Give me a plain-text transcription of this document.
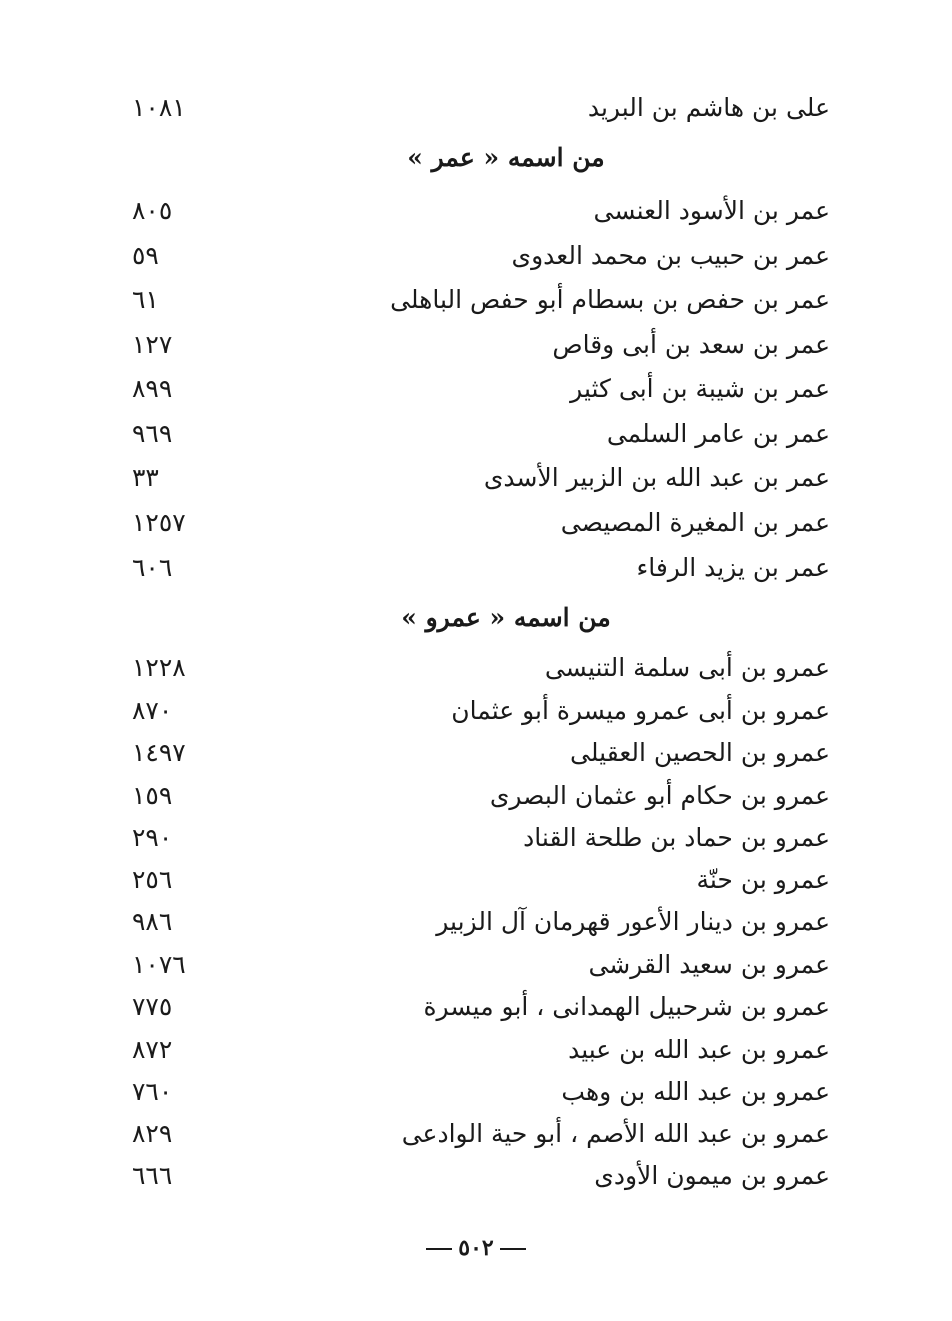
على بن هاشم بن البريد
١٠٨١
من اسمه « عمر »
عمر بن الأسود العنسى
٨٠٥
عمر بن حبيب بن محمد العدوى
٥٩
عمر بن حفص بن بسطام أبو حفص الباهلى
٦١
عمر بن سعد بن أبى وقاص
١٢٧
عمر بن شيبة بن أبى كثير
٨٩٩
عمر بن عامر السلمى
٩٦٩
عمر بن عبد الله بن الزبير الأسدى
٣٣
عمر بن المغيرة المصيصى
١٢٥٧
عمر بن يزيد الرفاء
٦٠٦
من اسمه « عمرو »
عمرو بن أبى سلمة التنيسى
١٢٢٨
عمرو بن أبى عمرو ميسرة أبو عثمان
٨٧٠
عمرو بن الحصين العقيلى
١٤٩٧
عمرو بن حكام أبو عثمان البصرى
١٥٩
عمرو بن حماد بن طلحة القناد
٢٩٠
عمرو بن حنّة
٢٥٦
عمرو بن دينار الأعور قهرمان آل الزبير
٩٨٦
عمرو بن سعيد القرشى
١٠٧٦
عمرو بن شرحبيل الهمدانى ، أبو ميسرة
٧٧٥
عمرو بن عبد الله بن عبيد
٨٧٢
عمرو بن عبد الله بن وهب
٧٦٠
عمرو بن عبد الله الأصم ، أبو حية الوادعى
٨٢٩
عمرو بن ميمون الأودى
٦٦٦
٥٠٢
